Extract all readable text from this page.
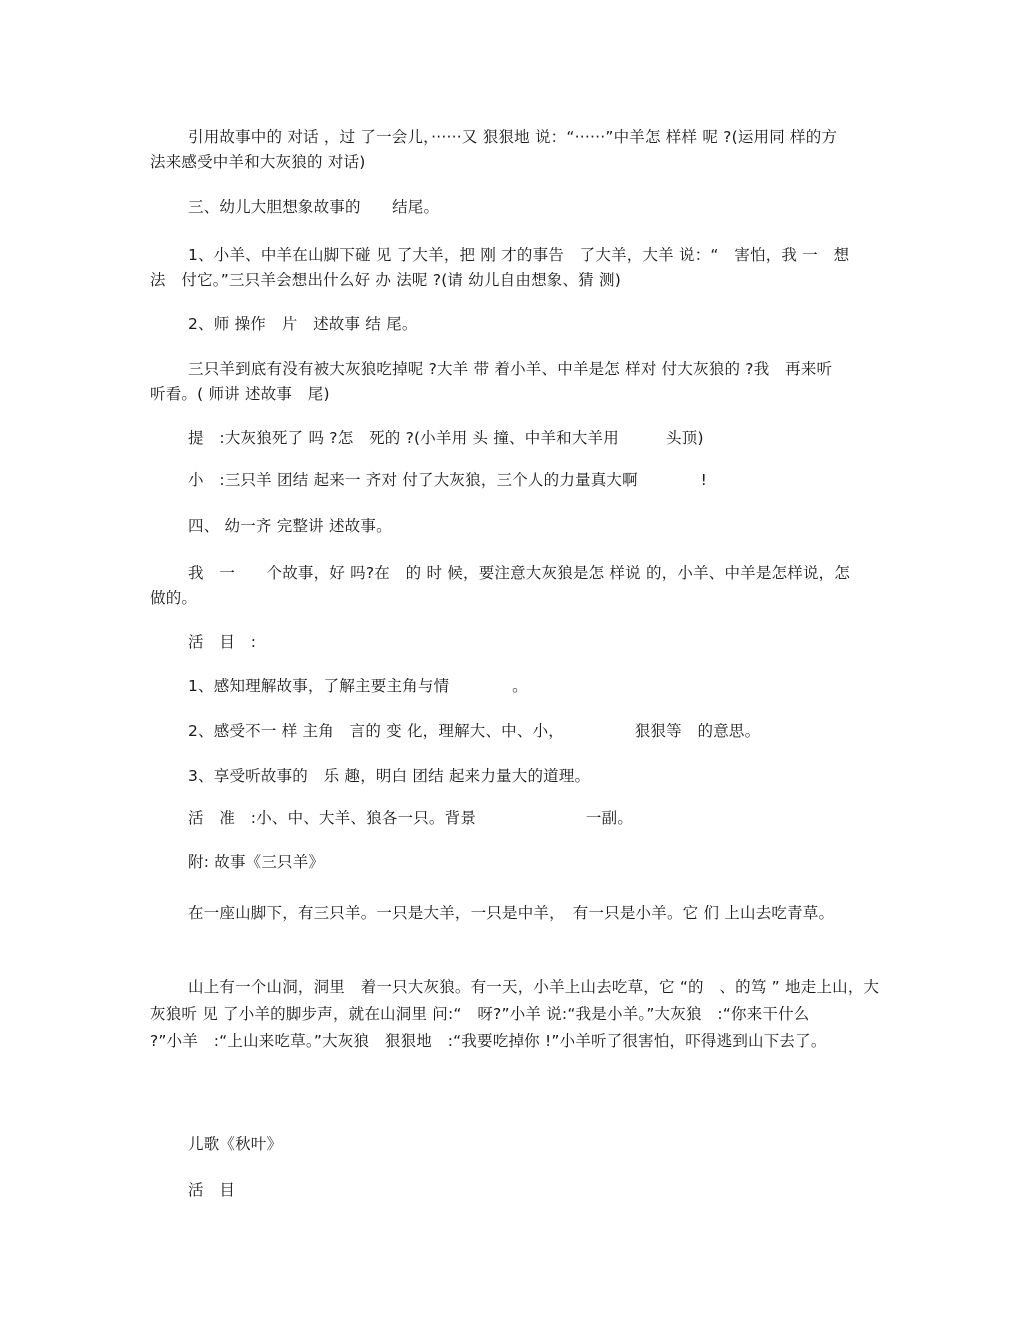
引用故事中的 对话 ，过 了一会儿，······又 狠狠地 说：“······”中羊怎 样样 呢 ?(运用同 样的方
法来感受中羊和大灰狼的 对话)
三、幼儿大胆想象故事的　　结尾。
1、小羊、中羊在山脚下碰 见 了大羊，把 刚 才的事告　了大羊，大羊 说：“　害怕，我 一　想
法　付它。”三只羊会想出什么好 办 法呢 ?(请 幼儿自由想象、猜 测)
2、师 操作　片　述故事 结 尾。
三只羊到底有没有被大灰狼吃掉呢 ?大羊 带 着小羊、中羊是怎 样对 付大灰狼的 ?我　再来听
听看。( 师讲 述故事　尾)
提　:大灰狼死了 吗 ?怎　死的 ?(小羊用 头 撞、中羊和大羊用　　　头顶)
小　:三只羊 团结 起来一 齐对 付了大灰狼，三个人的力量真大啊　　　　!
四、 幼一齐 完整讲 述故事。
我　一　　个故事，好 吗?在　的 时 候，要注意大灰狼是怎 样说 的，小羊、中羊是怎样说，怎
做的。
活　目　:
1、感知理解故事，了解主要主角与情　　　　。
2、感受不一 样 主角　言的 变 化，理解大、中、小，　　　　　狠狠等　的意思。
3、享受听故事的　乐 趣，明白 团结 起来力量大的道理。
活　准　:小、中、大羊、狼各一只。背景　　　　　　　一副。
附: 故事《三只羊》
在一座山脚下，有三只羊。一只是大羊，一只是中羊，　有一只是小羊。它 们 上山去吃青草。
山上有一个山洞，洞里　着一只大灰狼。有一天，小羊上山去吃草，它 “的　、的笃 ” 地走上山，大
灰狼听 见 了小羊的脚步声，就在山洞里 问:“　呀?”小羊 说:“我是小羊。”大灰狼　:“你来干什么
?”小羊　:“上山来吃草。”大灰狼　狠狠地　:“我要吃掉你 !”小羊听了很害怕，吓得逃到山下去了。
儿歌《秋叶》
活　目
